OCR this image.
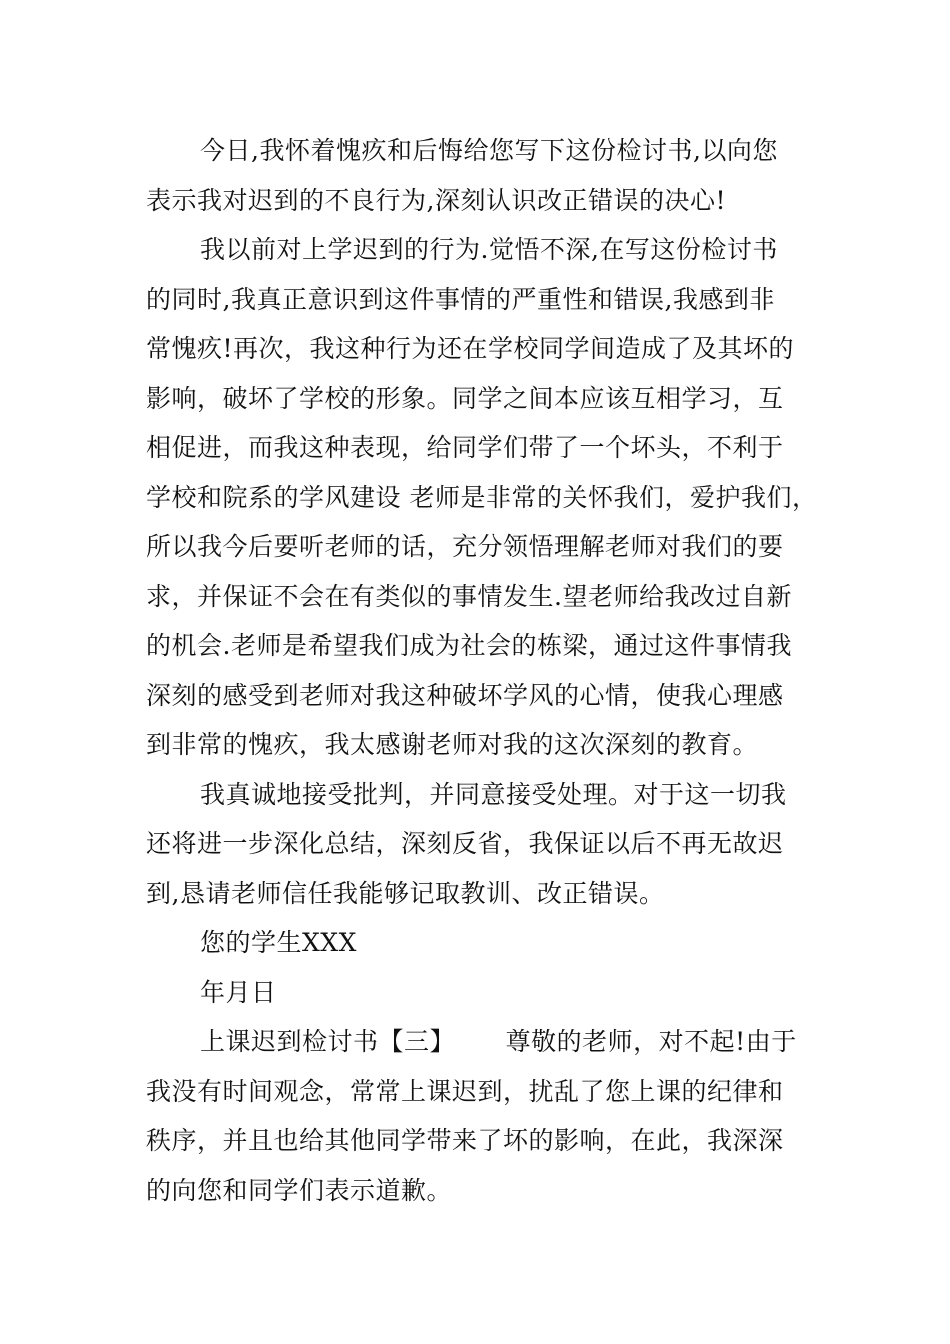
今日,我怀着愧疚和后悔给您写下这份检讨书,以向您
表示我对迟到的不良行为,深刻认识改正错误的决心!
我以前对上学迟到的行为.觉悟不深,在写这份检讨书
的同时,我真正意识到这件事情的严重性和错误,我感到非
常愧疚!再次，我这种行为还在学校同学间造成了及其坏的
影响，破坏了学校的形象。同学之间本应该互相学习，互
相促进，而我这种表现，给同学们带了一个坏头，不利于
学校和院系的学风建设 老师是非常的关怀我们，爱护我们，
所以我今后要听老师的话，充分领悟理解老师对我们的要
求，并保证不会在有类似的事情发生.望老师给我改过自新
的机会.老师是希望我们成为社会的栋梁，通过这件事情我
深刻的感受到老师对我这种破坏学风的心情，使我心理感
到非常的愧疚，我太感谢老师对我的这次深刻的教育。
我真诚地接受批判，并同意接受处理。对于这一切我
还将进一步深化总结，深刻反省，我保证以后不再无故迟
到,恳请老师信任我能够记取教训、改正错误。
您的学生XXX
年月日
上课迟到检讨书【三】      尊敬的老师，对不起!由于
我没有时间观念，常常上课迟到，扰乱了您上课的纪律和
秩序，并且也给其他同学带来了坏的影响，在此，我深深
的向您和同学们表示道歉。
